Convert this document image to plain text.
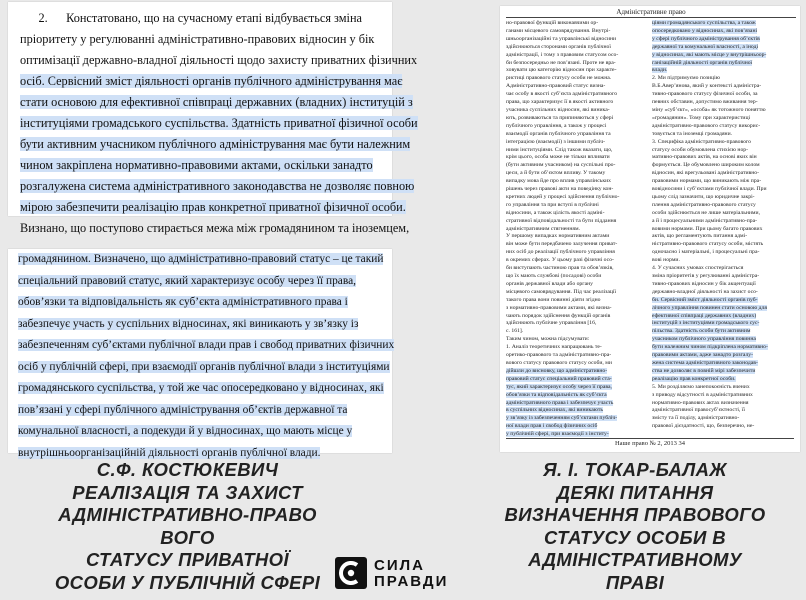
2.      Констатовано, що на сучасному етапі відбувається зміна
пріоритету у регулюванні адміністративно-правових відносин у бік
оптимізації державно-владної діяльності щодо захисту приватних фізичних
осіб. Сервісний зміст діяльності органів публічного адміністрування має
стати основою для ефективної співпраці державних (владних) інституцій з
інституціями громадського суспільства. Здатність приватної фізичної особи
бути активним учасником публічного адміністрування має бути належним
чином закріплена нормативно-правовими актами, оскільки занадто
розгалужена система адміністративного законодавства не дозволяє повною
мірою забезпечити реалізацію прав конкретної приватної фізичної особи.
Визнано, що поступово стирається межа між громадянином та іноземцем,
громадянином. Визначено, що адміністративно-правовий статус – це такий
спеціальний правовий статус, який характеризує особу через її права,
обов’язки та відповідальність як суб’єкта адміністративного права і
забезпечує участь у суспільних відносинах, які виникають у зв’язку із
забезпеченням суб’єктами публічної влади прав і свобод приватних фізичних
осіб у публічній сфері, при взаємодії органів публічної влади з інституціями
громадянського суспільства, у той же час опосередковано у відносинах, які
пов’язані у сфері публічного адміністрування об’єктів державної та
комунальної власності, а подекуди й у відносинах, що мають місце у
внутрішньоорганізаційній діяльності органів публічної влади.
Адміністративне право
но-правової функцій виконавчими ор-
ганами місцевого самоврядування. Внутрі-
шньоорганізаційні та управлінські відносини
здійснюються сторонами органів публічної
адміністрації, і тому з правовим статусом осо-
би безпосередньо не пов’язані. Проте не вра-
ховувати цю категорію відносин при характе-
ристиці правового статусу особи не можна.
Адміністративно-правовий статус визна-
чає особу в якості суб’єкта адміністративного
права, що характеризує її в якості активного
учасника суспільних відносин, які виника-
ють, розвиваються та припиняються у сфері
публічного управління, а також у процесі
взаємодії органів публічного управління та
інтеграцією (взаємодії) з іншими публіч-
ними інституціями. Слід також вказати, що,
крім цього, особа може не тільки впливати
(бути активним учасником) на суспільні про-
цеси, а й бути об’єктом впливу. У такому
випадку мова йде про вплив управлінських
рішень через правові акти на поведінку кон-
кретних людей у процесі здійснення публічно-
го управління та при вступі в публічні
відносини, а також цілість якості адміні-
стративної відповідальності та бути піддання
адміністративним стягненням.
У першому випадках нормативним актами
він може бути передбачено залучення приват-
них осіб до реалізації публічного управління
в окремих сферах. У цьому разі фізичні осо-
би виступають частиною прав та обов’язків,
що їх мають службові (посадові) особи
органів державної влади або органу
місцевого самоврядування. Під час реалізації
такого права вони повинні діяти згідно
з нормативно-правовими актами, які визна-
чають порядок здійснення функцій органів
здійснюють публічне управління [16,
с. 161].
Таким чином, можна підсумувати:
1. Аналіз теоретичних напрацювань те-
оретико-правового та адміністративно-пра-
вового статусу правового статусу особи, ми
дійшли до висновку, що адміністративно-
правовий статус спеціальний правовий ста-
тус, який характеризує особу через її права,
обов’язки та відповідальність як суб’єкта
адміністративного права і забезпечує участь
в суспільних відносинах, які виникають
у зв’язку із забезпеченням суб’єктами публіч-
ної влади прав і свобод фізичних осіб
у публічній сфері, при взаємодії з інститу-
ціями громадянського суспільства, а також
опосередковано у відносинах, які пов’язані
у сфері публічного адміністрування об’єктів
державної та комунальної власності, а іноді
у відносинах, які мають місце у внутрішньоор-
ганізаційній діяльності органів публічної
влади.
2. Ми підтримуємо позицію
В.Б.Авер’янова, який у контексті адміністра-
тивно-правового статусу фізичної особи, за
певних обставин, допустимо вживання тер-
міну «суб’єкт», «особа» як тотожного поняттю
«громадянин». Тому при характеристиці
адміністративно-правового статусу викорис-
товується та іноземці громадяни.
3. Специфіка адміністративно-правового
статусу особи обумовлена стихією нор-
мативно-правових актів, на основі яких він
формується. Це обумовлено широким колом
відносин, які врегульовані адміністративно-
правовими нормами, що виникають між пра-
вовідносини і суб’єктами публічної влади. При
цьому слід зазначити, що юридичне закрі-
плення адміністративно-правового статусу
особи здійснюється не лише матеріальними,
а й і процесуальними адміністративно-пра-
вовими нормами. При цьому багато правових
актів, що регламентують питання адмі-
ністративно-правового статусу особи, містять
одночасно і матеріальні, і процесуальні пра-
вові норми.
4. У сучасних умовах спостерігається
зміна пріоритетів у регулюванні адміністра-
тивно-правових відносин у бік акцентуації
державно-владної діяльності на захист осо-
би. Сервісний зміст діяльності органів пуб-
лічного управління повинен стати основою для
ефективної співпраці державних (владних)
інституцій з інституціями громадського сус-
пільства. Здатність особи бути активним
учасником публічного управління повинна
бути належним чином підкріплена нормативно-
правовими актами, адже занадто розгалу-
жена система адміністративного законодав-
ства не дозволяє в повній мірі забезпечити
реалізацію прав конкретної особи.
5. Ми розділяємо занепокоєність вчених
з приводу відсутності в адміністративних
нормативно-правових актах визначення
адміністративної правосуб’єктності, її
змісту та її поділу, адміністративно-
правової дієздатності, що, безперечно, не-
Наше право № 2, 2013 34
С.Ф. КОСТЮКЕВИЧ
РЕАЛІЗАЦІЯ ТА ЗАХИСТ
АДМІНІСТРАТИВНО-ПРАВО
ВОГО
СТАТУСУ ПРИВАТНОЇ
ОСОБИ У ПУБЛІЧНІЙ СФЕРІ
Я. І. ТОКАР-БАЛАЖ
ДЕЯКІ ПИТАННЯ
ВИЗНАЧЕННЯ ПРАВОВОГО
СТАТУСУ ОСОБИ В
АДМІНІСТРАТИВНОМУ
ПРАВІ
СИЛА
ПРАВДИ
